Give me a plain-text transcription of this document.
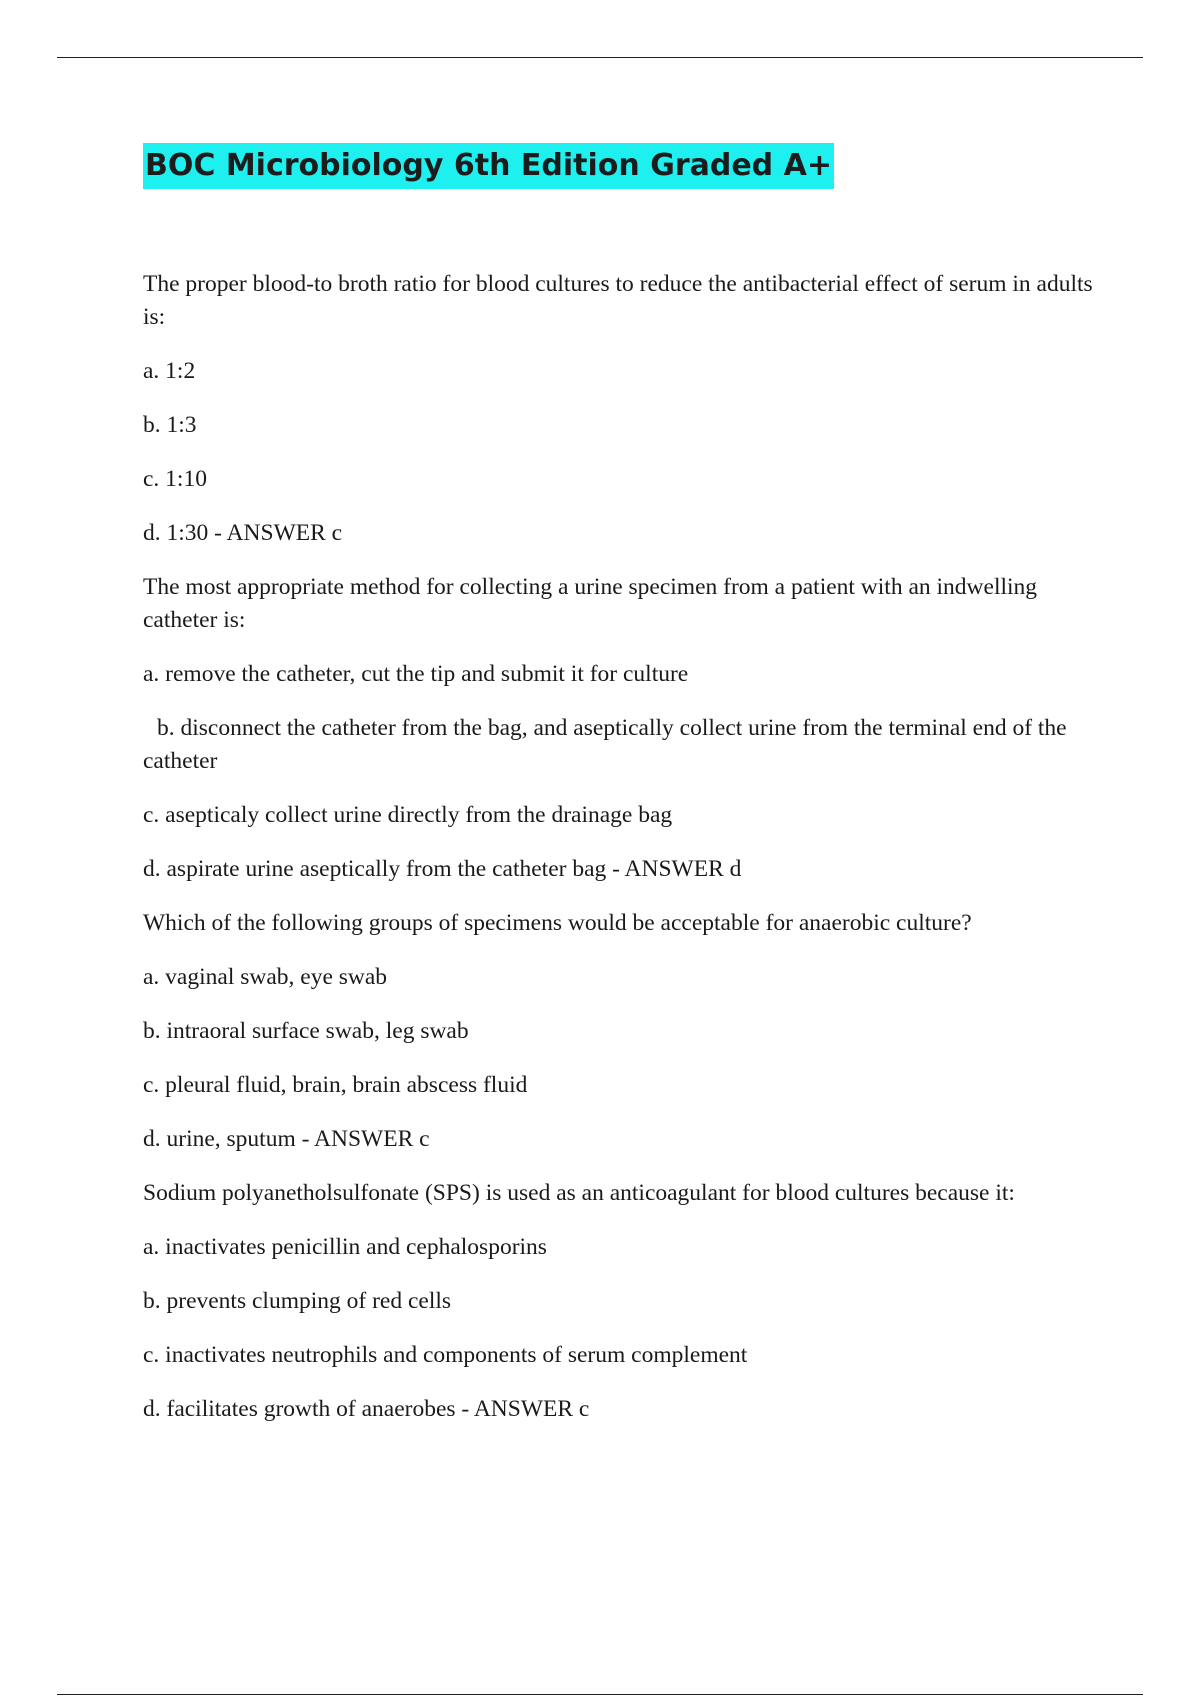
BOC Microbiology 6th Edition Graded A+

The proper blood-to broth ratio for blood cultures to reduce the antibacterial effect of serum in adults is:

a. 1:2

b. 1:3

c. 1:10

d. 1:30 - ANSWER c

The most appropriate method for collecting a urine specimen from a patient with an indwelling catheter is:

a. remove the catheter, cut the tip and submit it for culture

b. disconnect the catheter from the bag, and aseptically collect urine from the terminal end of the catheter

c. asepticaly collect urine directly from the drainage bag

d. aspirate urine aseptically from the catheter bag - ANSWER d

Which of the following groups of specimens would be acceptable for anaerobic culture?

a. vaginal swab, eye swab

b. intraoral surface swab, leg swab

c. pleural fluid, brain, brain abscess fluid

d. urine, sputum - ANSWER c

Sodium polyanetholsulfonate (SPS) is used as an anticoagulant for blood cultures because it:

a. inactivates penicillin and cephalosporins

b. prevents clumping of red cells

c. inactivates neutrophils and components of serum complement

d. facilitates growth of anaerobes - ANSWER c
